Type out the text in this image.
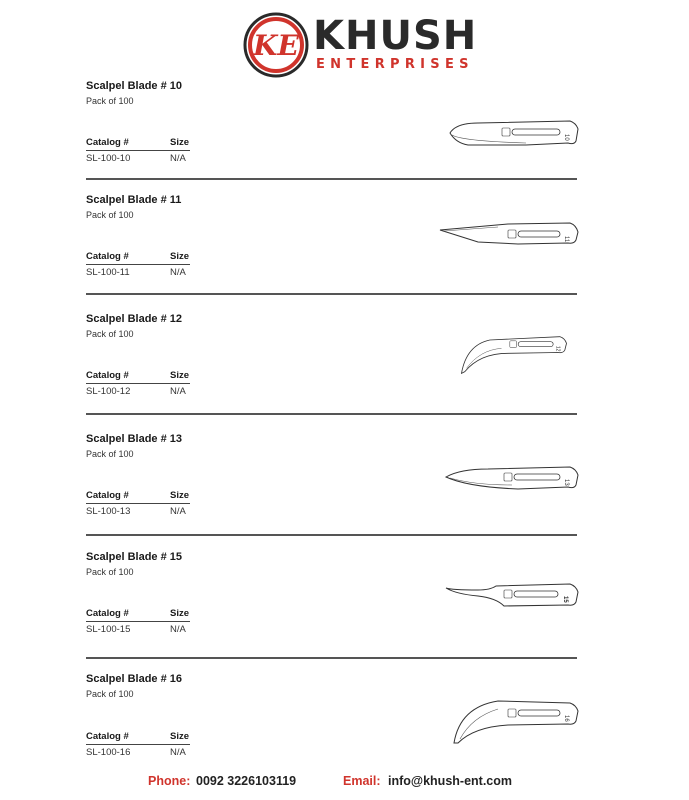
KE KHUSH
ENTERPRISES
Scalpel Blade # 10
Pack of 100
Catalog #	Size
SL-100-10	N/A
10
Scalpel Blade # 11
Pack of 100
Catalog #	Size
SL-100-11	N/A
11
Scalpel Blade # 12
Pack of 100
Catalog #	Size
SL-100-12	N/A
12
Scalpel Blade # 13
Pack of 100
Catalog #	Size
SL-100-13	N/A
13
Scalpel Blade # 15
Pack of 100
Catalog #	Size
SL-100-15	N/A
15
Scalpel Blade # 16
Pack of 100
Catalog #	Size
SL-100-16	N/A
16
Phone: 0092 3226103119	Email: info@khush-ent.com
